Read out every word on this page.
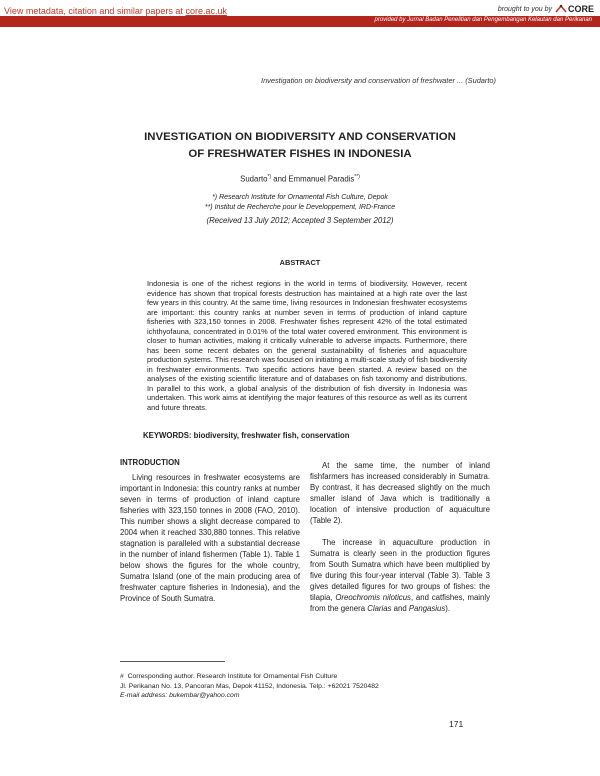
View metadata, citation and similar papers at core.ac.uk	brought to you by CORE
provided by Jurnal Badan Penelitian dan Pengembangan Kelautan dan Perikanan
Investigation on biodiversity and conservation of freshwater ... (Sudarto)
INVESTIGATION ON BIODIVERSITY AND CONSERVATION
OF FRESHWATER FISHES IN INDONESIA
Sudarto*) and Emmanuel Paradis**)
*) Research Institute for Ornamental Fish Culture, Depok
**) Institut de Recherche pour le Developpement, IRD-France
(Received 13 July 2012; Accepted 3 September 2012)
ABSTRACT
Indonesia is one of the richest regions in the world in terms of biodiversity. However, recent evidence has shown that tropical forests destruction has maintained at a high rate over the last few years in this country. At the same time, living resources in Indonesian freshwater ecosystems are important: this country ranks at number seven in terms of production of inland capture fisheries with 323,150 tonnes in 2008. Freshwater fishes represent 42% of the total estimated ichthyofauna, concentrated in 0.01% of the total water covered environment. This environment is closer to human activities, making it critically vulnerable to adverse impacts. Furthermore, there has been some recent debates on the general sustainability of fisheries and aquaculture production systems. This research was focused on initiating a multi-scale study of fish biodiversity in freshwater environments. Two specific actions have been started. A review based on the analyses of the existing scientific literature and of databases on fish taxonomy and distributions. In parallel to this work, a global analysis of the distribution of fish diversity in Indonesia was undertaken. This work aims at identifying the major features of this resource as well as its current and future threats.
KEYWORDS: biodiversity, freshwater fish, conservation
INTRODUCTION

Living resources in freshwater ecosystems are important in Indonesia: this country ranks at number seven in terms of production of inland capture fisheries with 323,150 tonnes in 2008 (FAO, 2010). This number shows a slight decrease compared to 2004 when it reached 330,880 tonnes. This relative stagnation is paralleled with a substantial decrease in the number of inland fishermen (Table 1). Table 1 below shows the figures for the whole country, Sumatra Island (one of the main producing area of freshwater capture fisheries in Indonesia), and the Province of South Sumatra.

At the same time, the number of inland fishfarmers has increased considerably in Sumatra. By contrast, it has decreased slightly on the much smaller island of Java which is traditionally a location of intensive production of aquaculture (Table 2).

The increase in aquaculture production in Sumatra is clearly seen in the production figures from South Sumatra which have been multiplied by five during this four-year interval (Table 3). Table 3 gives detailed figures for two groups of fishes: the tilapia, Oreochromis niloticus, and catfishes, mainly from the genera Clarias and Pangasius).

# Corresponding author. Research Institute for Ornamental Fish Culture
Jl. Perikanan No. 13, Pancoran Mas, Depok 41152, Indonesia. Telp.: +62021 7520482
E-mail address: bukembar@yahoo.com
171
